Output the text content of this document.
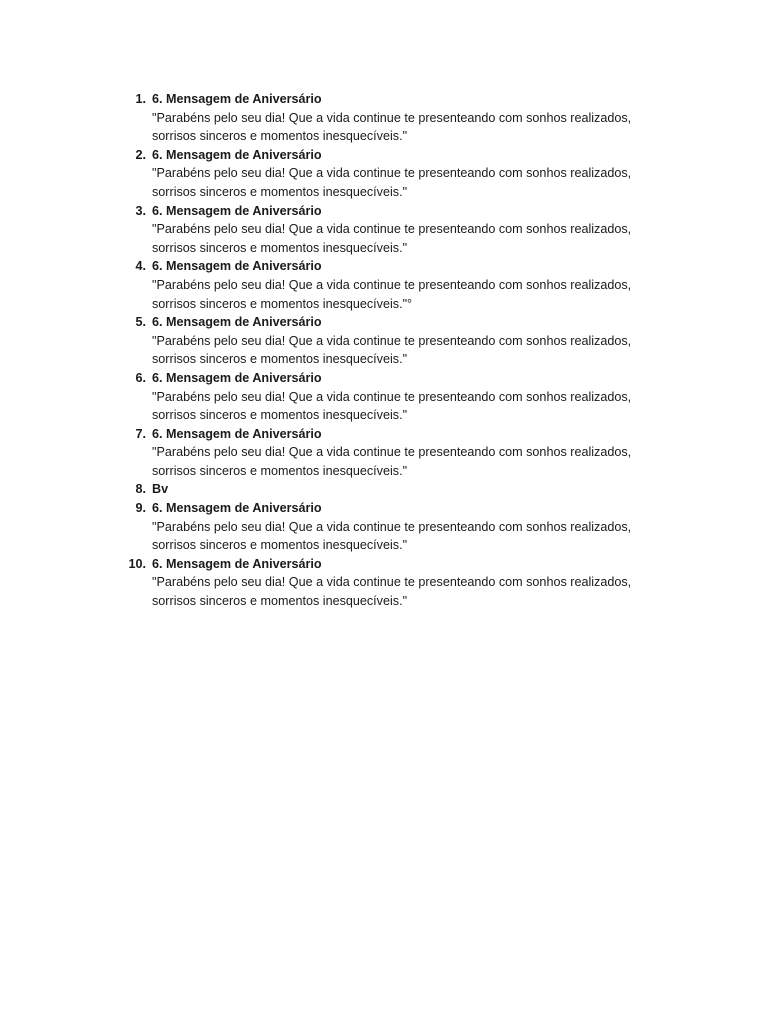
1. 6. Mensagem de Aniversário
"Parabéns pelo seu dia! Que a vida continue te presenteando com sonhos realizados,
sorrisos sinceros e momentos inesquecíveis."
2. 6. Mensagem de Aniversário
"Parabéns pelo seu dia! Que a vida continue te presenteando com sonhos realizados,
sorrisos sinceros e momentos inesquecíveis."
3. 6. Mensagem de Aniversário
"Parabéns pelo seu dia! Que a vida continue te presenteando com sonhos realizados,
sorrisos sinceros e momentos inesquecíveis."
4. 6. Mensagem de Aniversário
"Parabéns pelo seu dia! Que a vida continue te presenteando com sonhos realizados,
sorrisos sinceros e momentos inesquecíveis."°
5. 6. Mensagem de Aniversário
"Parabéns pelo seu dia! Que a vida continue te presenteando com sonhos realizados,
sorrisos sinceros e momentos inesquecíveis."
6. 6. Mensagem de Aniversário
"Parabéns pelo seu dia! Que a vida continue te presenteando com sonhos realizados,
sorrisos sinceros e momentos inesquecíveis."
7. 6. Mensagem de Aniversário
"Parabéns pelo seu dia! Que a vida continue te presenteando com sonhos realizados,
sorrisos sinceros e momentos inesquecíveis."
8. Bv
9. 6. Mensagem de Aniversário
"Parabéns pelo seu dia! Que a vida continue te presenteando com sonhos realizados,
sorrisos sinceros e momentos inesquecíveis."
10. 6. Mensagem de Aniversário
"Parabéns pelo seu dia! Que a vida continue te presenteando com sonhos realizados,
sorrisos sinceros e momentos inesquecíveis."
